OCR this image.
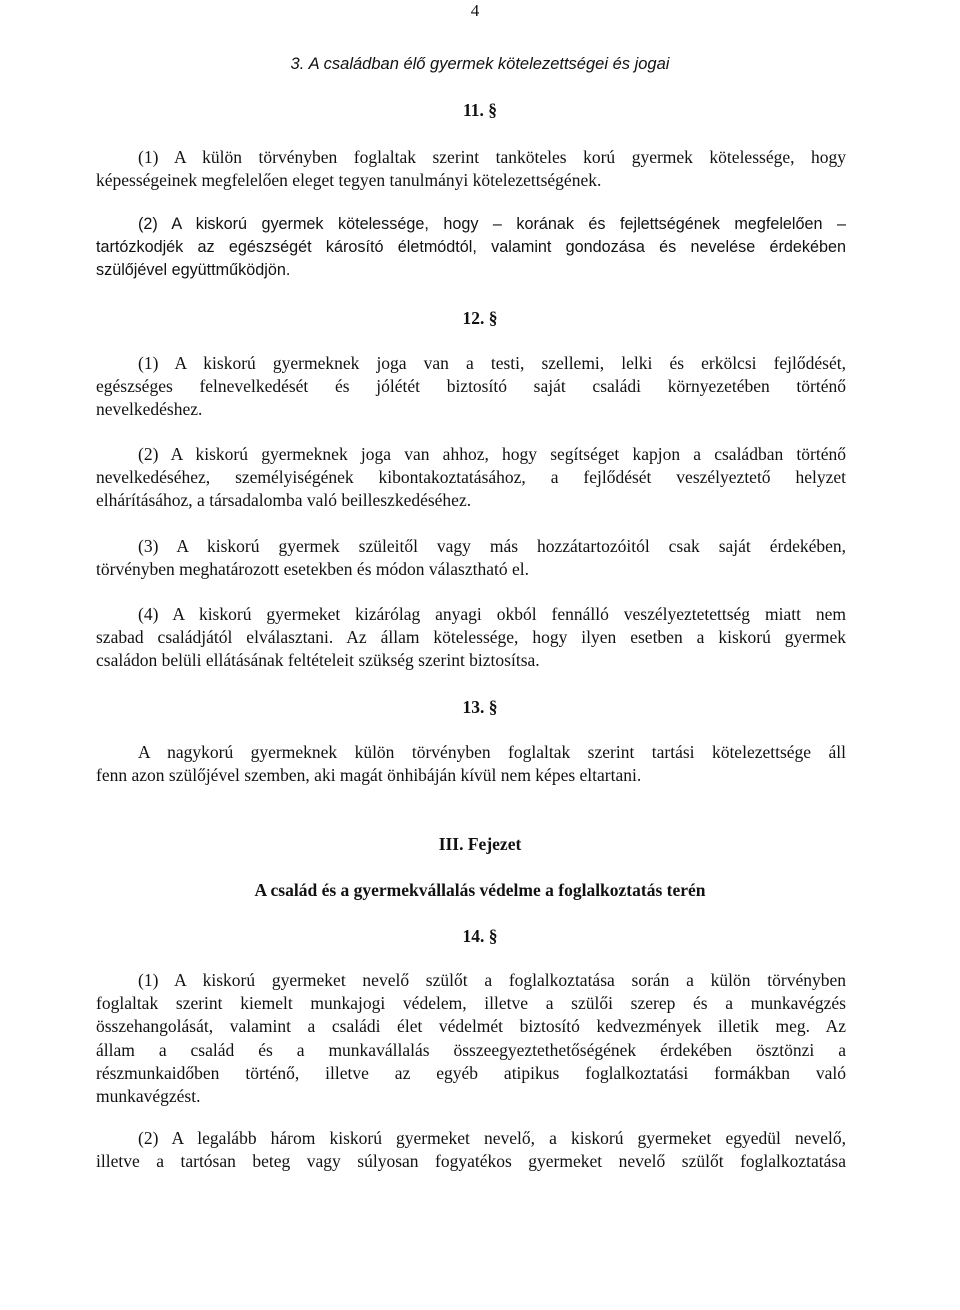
4
3. A családban élő gyermek kötelezettségei és jogai
11. §
(1) A külön törvényben foglaltak szerint tanköteles korú gyermek kötelessége, hogy
képességeinek megfelelően eleget tegyen tanulmányi kötelezettségének.
(2) A kiskorú gyermek kötelessége, hogy – korának és fejlettségének megfelelően –
tartózkodjék az egészségét károsító életmódtól, valamint gondozása és nevelése érdekében
szülőjével együttműködjön.
12. §
(1) A kiskorú gyermeknek joga van a testi, szellemi, lelki és erkölcsi fejlődését,
egészséges felnevelkedését és jólétét biztosító saját családi környezetében történő
nevelkedéshez.
(2) A kiskorú gyermeknek joga van ahhoz, hogy segítséget kapjon a családban történő
nevelkedéséhez, személyiségének kibontakoztatásához, a fejlődését veszélyeztető helyzet
elhárításához, a társadalomba való beilleszkedéséhez.
(3) A kiskorú gyermek szüleitől vagy más hozzátartozóitól csak saját érdekében,
törvényben meghatározott esetekben és módon választható el.
(4) A kiskorú gyermeket kizárólag anyagi okból fennálló veszélyeztetettség miatt nem
szabad családjától elválasztani. Az állam kötelessége, hogy ilyen esetben a kiskorú gyermek
családon belüli ellátásának feltételeit szükség szerint biztosítsa.
13. §
A nagykorú gyermeknek külön törvényben foglaltak szerint tartási kötelezettsége áll
fenn azon szülőjével szemben, aki magát önhibáján kívül nem képes eltartani.
III. Fejezet
A család és a gyermekvállalás védelme a foglalkoztatás terén
14. §
(1) A kiskorú gyermeket nevelő szülőt a foglalkoztatása során a külön törvényben
foglaltak szerint kiemelt munkajogi védelem, illetve a szülői szerep és a munkavégzés
összehangolását, valamint a családi élet védelmét biztosító kedvezmények illetik meg. Az
állam a család és a munkavállalás összeegyeztethetőségének érdekében ösztönzi a
részmunkaidőben történő, illetve az egyéb atipikus foglalkoztatási formákban való
munkavégzést.
(2) A legalább három kiskorú gyermeket nevelő, a kiskorú gyermeket egyedül nevelő,
illetve a tartósan beteg vagy súlyosan fogyatékos gyermeket nevelő szülőt foglalkoztatása
